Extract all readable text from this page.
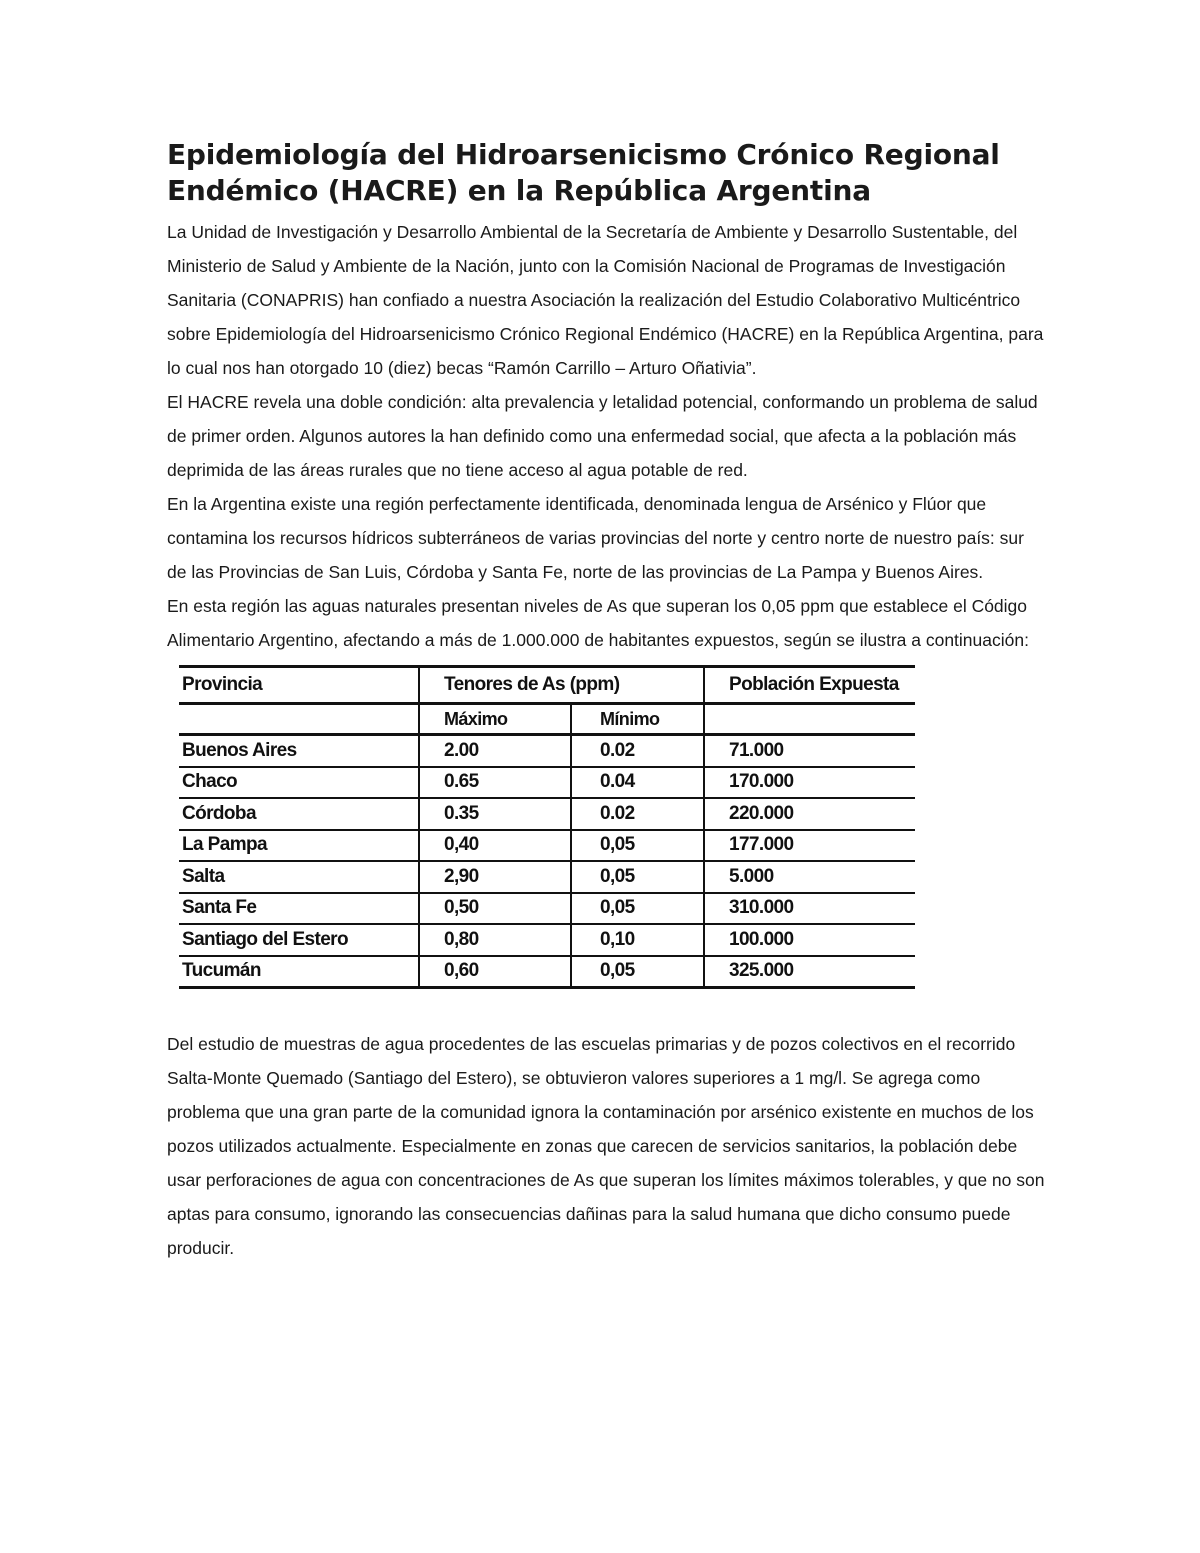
Epidemiología del Hidroarsenicismo Crónico Regional Endémico (HACRE) en la República Argentina

La Unidad de Investigación y Desarrollo Ambiental de la Secretaría de Ambiente y Desarrollo Sustentable, del Ministerio de Salud y Ambiente de la Nación, junto con la Comisión Nacional de Programas de Investigación Sanitaria (CONAPRIS) han confiado a nuestra Asociación la realización del Estudio Colaborativo Multicéntrico sobre Epidemiología del Hidroarsenicismo Crónico Regional Endémico (HACRE) en la República Argentina, para lo cual nos han otorgado 10 (diez) becas “Ramón Carrillo – Arturo Oñativia”.

El HACRE revela una doble condición: alta prevalencia y letalidad potencial, conformando un problema de salud de primer orden. Algunos autores la han definido como una enfermedad social, que afecta a la población más deprimida de las áreas rurales que no tiene acceso al agua potable de red.

En la Argentina existe una región perfectamente identificada, denominada lengua de Arsénico y Flúor que contamina los recursos hídricos subterráneos de varias provincias del norte y centro norte de nuestro país: sur de las Provincias de San Luis, Córdoba y Santa Fe, norte de las provincias de La Pampa y Buenos Aires.

En esta región las aguas naturales presentan niveles de As que superan los 0,05 ppm que establece el Código Alimentario Argentino, afectando a más de 1.000.000 de habitantes expuestos, según se ilustra a continuación:

Provincia	Tenores de As (ppm)		Población Expuesta
	Máximo	Mínimo	
Buenos Aires	2.00	0.02	71.000
Chaco	0.65	0.04	170.000
Córdoba	0.35	0.02	220.000
La Pampa	0,40	0,05	177.000
Salta	2,90	0,05	5.000
Santa Fe	0,50	0,05	310.000
Santiago del Estero	0,80	0,10	100.000
Tucumán	0,60	0,05	325.000

Del estudio de muestras de agua procedentes de las escuelas primarias y de pozos colectivos en el recorrido Salta-Monte Quemado (Santiago del Estero), se obtuvieron valores superiores a 1 mg/l. Se agrega como problema que una gran parte de la comunidad ignora la contaminación por arsénico existente en muchos de los pozos utilizados actualmente. Especialmente en zonas que carecen de servicios sanitarios, la población debe usar perforaciones de agua con concentraciones de As que superan los límites máximos tolerables, y que no son aptas para consumo, ignorando las consecuencias dañinas para la salud humana que dicho consumo puede producir.
